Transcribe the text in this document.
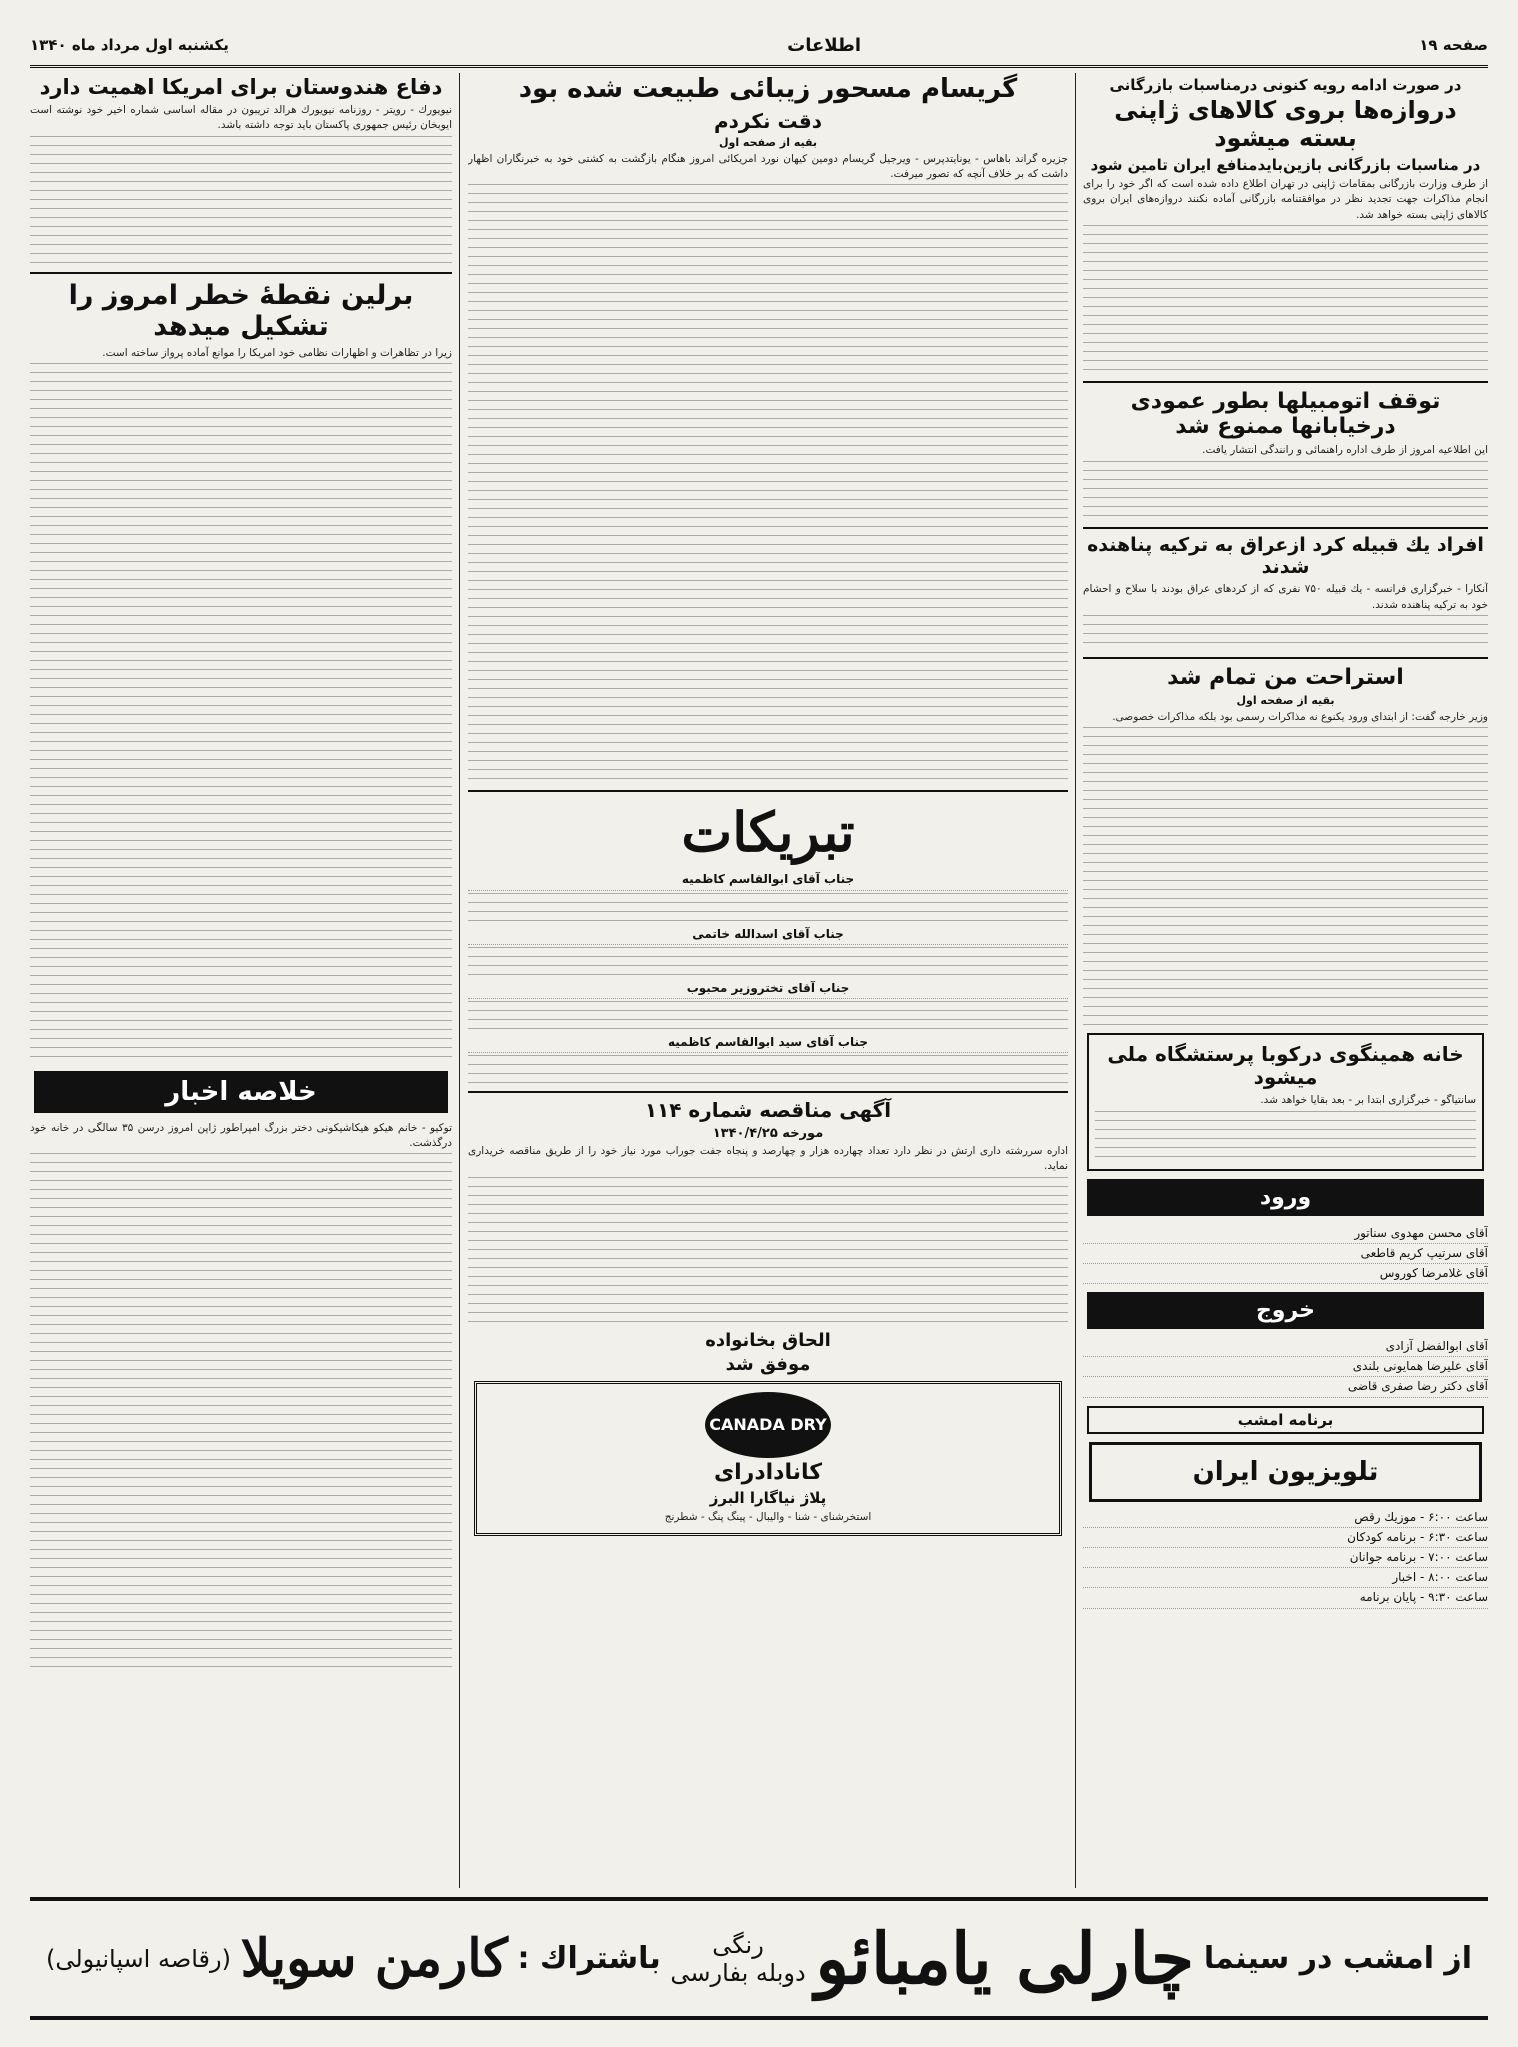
صفحه ۱۹
اطلاعات
یکشنبه اول مرداد ماه ۱۳۴۰
در صورت ادامه رویه کنونی درمناسبات بازرگانی
دروازه‌ها بروی کالاهای ژاپنی بسته میشود
در مناسبات بازرگانی بازین‌بایدمنافع ایران تامین شود
از طرف وزارت بازرگانی بمقامات ژاپنی در تهران اطلاع داده شده است که اگر خود را برای انجام مذاکرات جهت تجدید نظر در موافقتنامه بازرگانی آماده نکنند دروازه‌های ایران بروی کالاهای ژاپنی بسته خواهد شد.
توقف اتومبیلها بطور عمودی درخیابانها ممنوع شد
این اطلاعیه امروز از طرف اداره راهنمائی و رانندگی انتشار یافت.
افراد یك قبیله كرد ازعراق به تركیه پناهنده شدند
آنکارا - خبرگزاری فرانسه - یك قبیله ۷۵۰ نفری كه از كردهای عراق بودند با سلاح و احشام خود به تركیه پناهنده شدند.
استراحت من تمام شد
بقیه از صفحه اول
وزیر خارجه گفت: از ابتدای ورود یکنوع نه مذاکرات رسمی بود بلکه مذاکرات خصوصی.
خانه همینگوی دركوبا پرستشگاه ملی میشود
سانتیاگو - خبرگزاری ابتدا بر - بعد بقایا خواهد شد.
ورود
آقای محسن مهدوی سناتور
آقای سرتیپ کریم قاطعی
آقای غلامرضا كوروس
خروج
آقای ابوالفضل آزادی
آقای علیرضا همایونی بلندی
آقای دكتر رضا صفری قاضی
برنامه امشب
تلویزیون ایران
ساعت ۶:۰۰ - موزیك رقص
ساعت ۶:۳۰ - برنامه كودكان
ساعت ۷:۰۰ - برنامه جوانان
ساعت ۸:۰۰ - اخبار
ساعت ۹:۳۰ - پایان برنامه
گریسام مسحور زیبائی طبیعت شده بود
دقت نكردم
بقیه از صفحه اول
جزیره گراند باهاس - یونایتدپرس - ویرجیل گریسام دومین کیهان نورد امریکائی امروز هنگام بازگشت به کشتی خود به خبرنگاران اظهار داشت که بر خلاف آنچه که تصور میرفت.
تبریکات
جناب آقای ابوالقاسم كاظمیه
جناب آقای اسدالله خاتمی
جناب آقای تختروزیر محبوب
جناب آقای سید ابوالقاسم كاظمیه
آگهی مناقصه شماره ۱۱۴
مورخه ۱۳۴۰/۴/۲۵
اداره سررشته داری ارتش در نظر دارد تعداد چهارده هزار و چهارصد و پنجاه جفت جوراب مورد نیاز خود را از طریق مناقصه خریداری نماید.
الحاق بخانواده
موفق شد
CANADA DRY
كانادادرای
پلاژ نیاگارا البرز
استخرشنای - شنا - والیبال - پینگ پنگ - شطرنج
دفاع هندوستان برای امریكا اهمیت دارد
نیویورك - رویتر - روزنامه نیویورك هرالد تریبون در مقاله اساسی شماره اخیر خود نوشته است ایوبخان رئیس جمهوری پاکستان باید توجه داشته باشد.
برلین نقطهٔ خطر امروز را تشكیل میدهد
زیرا در تظاهرات و اظهارات نظامی خود امریكا را موانع آماده پرواز ساخته است.
خلاصه اخبار
توکیو - خانم هیکو هیکاشیکونی دختر بزرگ امپراطور ژاپن امروز درسن ۳۵ سالگی در خانه خود درگذشت.
از امشب در سینما
چارلی یامبائو
رنگی
دوبله بفارسی
باشتراك :
كارمن سویلا
(رقاصه اسپانیولی)
